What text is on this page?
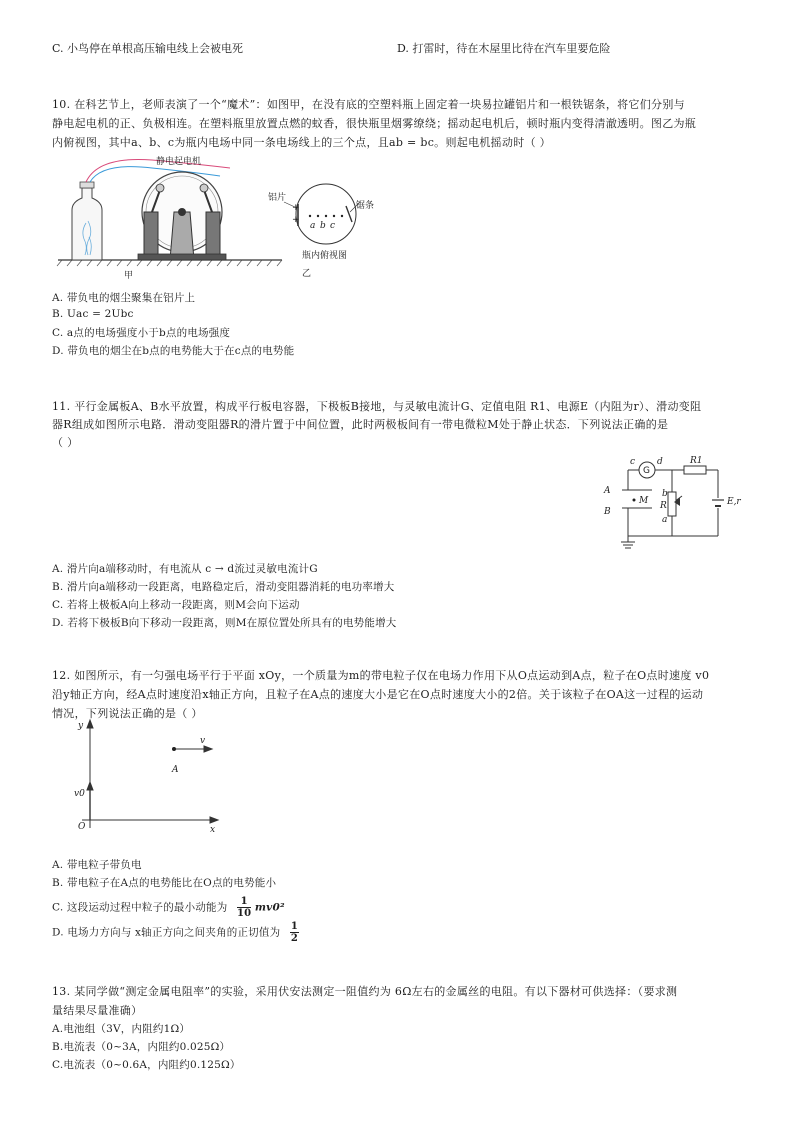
C. 小鸟停在单根高压输电线上会被电死	D. 打雷时，待在木屋里比待在汽车里要危险
10. 在科艺节上，老师表演了一个“魔术”：如图甲，在没有底的空塑料瓶上固定着一块易拉罐铝片和一根铁锯条，将它们分别与
静电起电机的正、负极相连。在塑料瓶里放置点燃的蚊香，很快瓶里烟雾缭绕；摇动起电机后，顿时瓶内变得清澈透明。图乙为瓶
内俯视图，其中a、b、c为瓶内电场中同一条电场线上的三个点，且ab = bc。则起电机摇动时（ ）
静电起电机
甲
+
+
a b c
铝片
锯条
瓶内俯视图
乙
A. 带负电的烟尘聚集在铝片上
B. Uac = 2Ubc
C. a点的电场强度小于b点的电场强度
D. 带负电的烟尘在b点的电势能大于在c点的电势能
11. 平行金属板A、B水平放置，构成平行板电容器，下极板B接地，与灵敏电流计G、定值电阻 R1、电源E（内阻为r）、滑动变阻
器R组成如图所示电路．滑动变阻器R的滑片置于中间位置，此时两极板间有一带电微粒M处于静止状态．下列说法正确的是
（ ）
G
c d	R1
R
b
a
E,r
A
B
M
A. 滑片向a端移动时，有电流从 c → d流过灵敏电流计G
B. 滑片向a端移动一段距离，电路稳定后，滑动变阻器消耗的电功率增大
C. 若将上极板A向上移动一段距离，则M会向下运动
D. 若将下极板B向下移动一段距离，则M在原位置处所具有的电势能增大
12. 如图所示，有一匀强电场平行于平面 xOy，一个质量为m的带电粒子仅在电场力作用下从O点运动到A点，粒子在O点时速度 v0
沿y轴正方向，经A点时速度沿x轴正方向，且粒子在A点的速度大小是它在O点时速度大小的2倍。关于该粒子在OA这一过程的运动
情况，下列说法正确的是（ ）
y
x
O
A
v
v0
A. 带电粒子带负电
B. 带电粒子在A点的电势能比在O点的电势能小
C. 这段运动过程中粒子的最小动能为 $\frac{1}{10} mv0^2$
D. 电场力方向与 x轴正方向之间夹角的正切值为 $\frac{1}{2}$
13. 某同学做“测定金属电阻率”的实验，采用伏安法测定一阻值约为 6Ω左右的金属丝的电阻。有以下器材可供选择：（要求测
量结果尽量准确）
A.电池组（3V，内阻约1Ω）
B.电流表（0~3A，内阻约0.025Ω）
C.电流表（0~0.6A，内阻约0.125Ω）
